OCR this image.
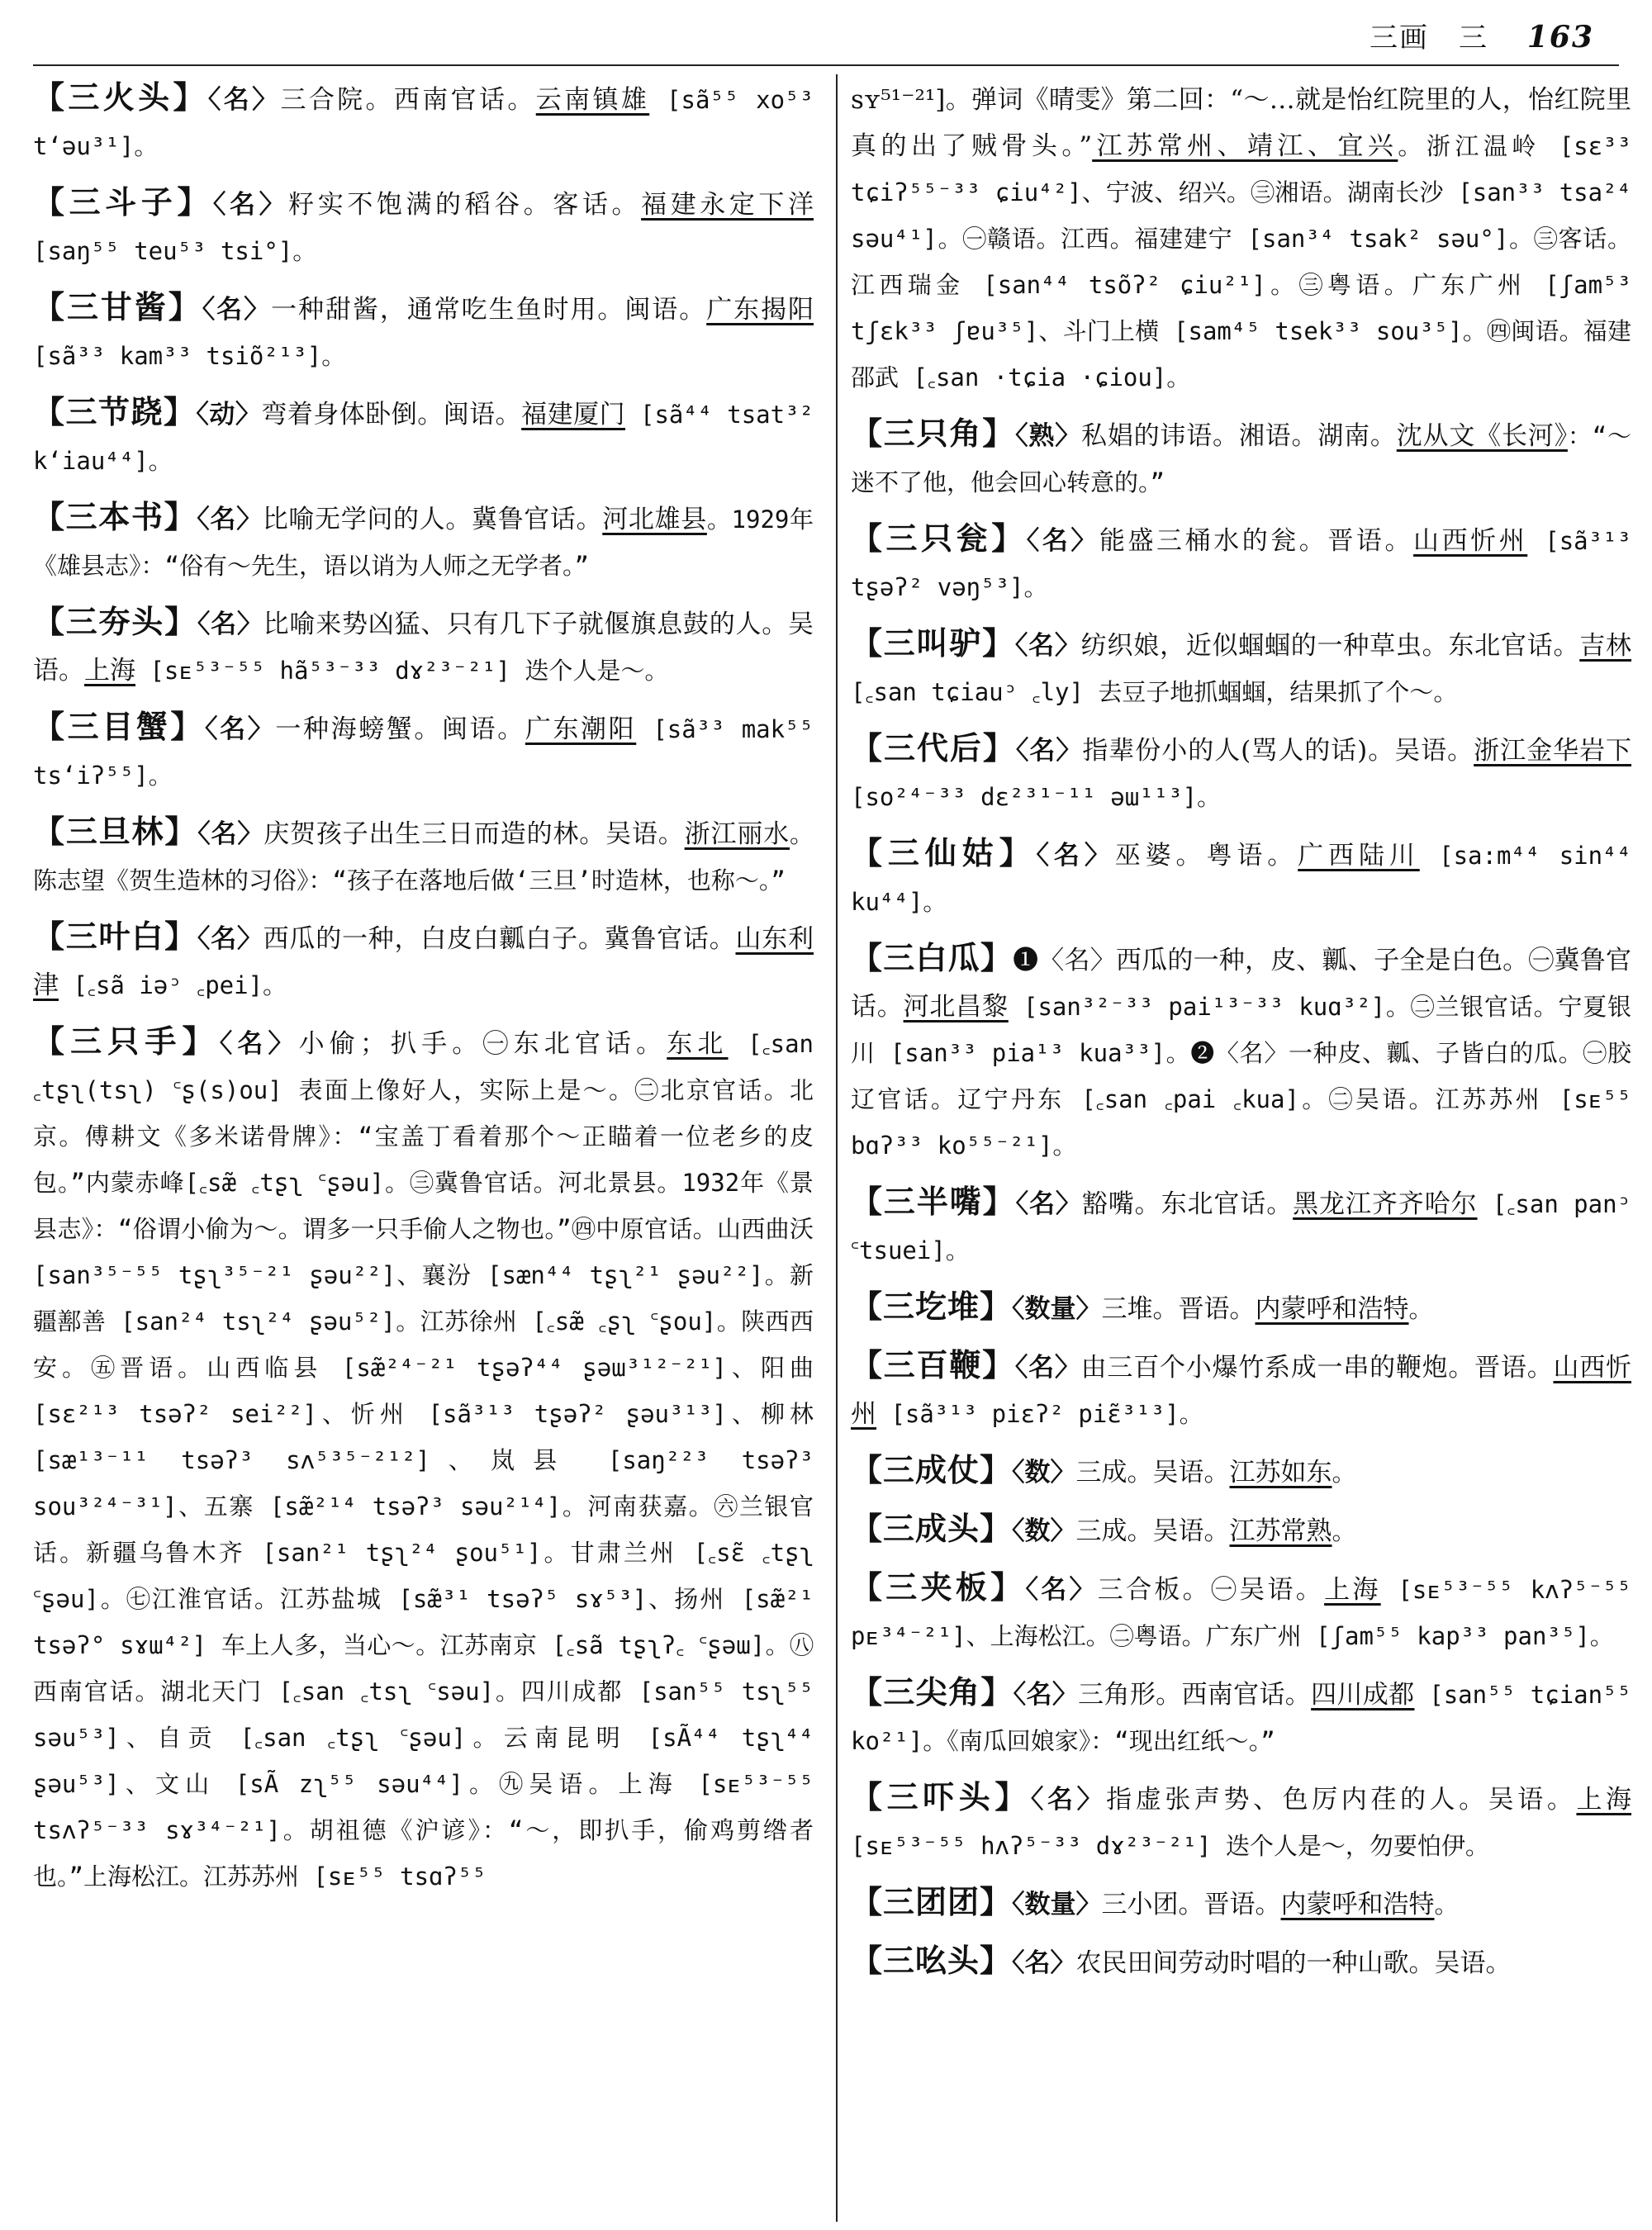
三画　三 163
【三火头】〈名〉三合院。西南官话。云南镇雄 [sã⁵⁵ xo⁵³ tʻəu³¹]。
【三斗子】〈名〉籽实不饱满的稻谷。客话。福建永定下洋 [saŋ⁵⁵ teu⁵³ tsi°]。
【三甘酱】〈名〉一种甜酱，通常吃生鱼时用。闽语。广东揭阳 [sã³³ kam³³ tsiõ²¹³]。
【三节跷】〈动〉弯着身体卧倒。闽语。福建厦门 [sã⁴⁴ tsat³² kʻiau⁴⁴]。
【三本书】〈名〉比喻无学问的人。冀鲁官话。河北雄县。1929年《雄县志》：“俗有～先生，语以诮为人师之无学者。”
【三夯头】〈名〉比喻来势凶猛、只有几下子就偃旗息鼓的人。吴语。上海 [sᴇ⁵³⁻⁵⁵ hã⁵³⁻³³ dɤ²³⁻²¹] 迭个人是～。
【三目蟹】〈名〉一种海螃蟹。闽语。广东潮阳 [sã³³ mak⁵⁵ tsʻiʔ⁵⁵]。
【三旦林】〈名〉庆贺孩子出生三日而造的林。吴语。浙江丽水。陈志望《贺生造林的习俗》：“孩子在落地后做‘三旦’时造林，也称～。”
【三叶白】〈名〉西瓜的一种，白皮白瓤白子。冀鲁官话。山东利津 [꜀sã iəᵓ ꜀pei]。
【三只手】〈名〉小偷；扒手。㊀东北官话。东北 [꜀san ꜀tʂʅ(tsʅ) ꜂ʂ(s)ou] 表面上像好人，实际上是～。㊁北京官话。北京。傅耕文《多米诺骨牌》：“宝盖丁看着那个～正瞄着一位老乡的皮包。”内蒙赤峰[꜀sæ̃ ꜀tʂʅ ꜂ʂəu]。㊂冀鲁官话。河北景县。1932年《景县志》：“俗谓小偷为～。谓多一只手偷人之物也。”㊃中原官话。山西曲沃 [san³⁵⁻⁵⁵ tʂʅ³⁵⁻²¹ ʂəu²²]、襄汾 [sæn⁴⁴ tʂʅ²¹ ʂəu²²]。新疆鄯善 [san²⁴ tsʅ²⁴ ʂəu⁵²]。江苏徐州 [꜀sæ̃ ꜀ʂʅ ꜂ʂou]。陕西西安。㊄晋语。山西临县 [sæ̃²⁴⁻²¹ tʂəʔ⁴⁴ ʂəɯ³¹²⁻²¹]、阳曲 [sɛ²¹³ tsəʔ² sei²²]、忻州 [sã³¹³ tʂəʔ² ʂəu³¹³]、柳林 [sæ¹³⁻¹¹ tsəʔ³ sʌ⁵³⁵⁻²¹²]、岚县 [saŋ²²³ tsəʔ³ sou³²⁴⁻³¹]、五寨 [sæ̃²¹⁴ tsəʔ³ səu²¹⁴]。河南获嘉。㊅兰银官话。新疆乌鲁木齐 [san²¹ tʂʅ²⁴ ʂou⁵¹]。甘肃兰州 [꜀sɛ̃ ꜀tʂʅ ꜂ʂəu]。㊆江淮官话。江苏盐城 [sæ̃³¹ tsəʔ⁵ sɤ⁵³]、扬州 [sæ̃²¹ tsəʔ° sɤɯ⁴²] 车上人多，当心～。江苏南京 [꜀sã tʂʅʔ꜀ ꜂ʂəɯ]。㊇西南官话。湖北天门 [꜀san ꜀tsʅ ꜂səu]。四川成都 [san⁵⁵ tsʅ⁵⁵ səu⁵³]、自贡 [꜀san ꜀tʂʅ ꜂ʂəu]。云南昆明 [sÃ⁴⁴ tʂʅ⁴⁴ ʂəu⁵³]、文山 [sÃ zʅ⁵⁵ səu⁴⁴]。㊈吴语。上海 [sᴇ⁵³⁻⁵⁵ tsʌʔ⁵⁻³³ sɤ³⁴⁻²¹]。胡祖德《沪谚》：“～，即扒手，偷鸡剪绺者也。”上海松江。江苏苏州 [sᴇ⁵⁵ tsɑʔ⁵⁵
sʏ⁵¹⁻²¹]。弹词《晴雯》第二回：“～…就是怡红院里的人，怡红院里真的出了贼骨头。”江苏常州、靖江、宜兴。浙江温岭 [sɛ³³ tɕiʔ⁵⁵⁻³³ ɕiu⁴²]、宁波、绍兴。㊂湘语。湖南长沙 [san³³ tsa²⁴ səu⁴¹]。㊀赣语。江西。福建建宁 [san³⁴ tsak² səu°]。㊂客话。江西瑞金 [san⁴⁴ tsõʔ² ɕiu²¹]。㊂粤语。广东广州 [ʃam⁵³ tʃɛk³³ ʃɐu³⁵]、斗门上横 [sam⁴⁵ tsek³³ sou³⁵]。㊃闽语。福建邵武 [꜀san ·tɕia ·ɕiou]。
【三只角】〈熟〉私娼的讳语。湘语。湖南。沈从文《长河》：“～迷不了他，他会回心转意的。”
【三只瓮】〈名〉能盛三桶水的瓮。晋语。山西忻州 [sã³¹³ tʂəʔ² vəŋ⁵³]。
【三叫驴】〈名〉纺织娘，近似蝈蝈的一种草虫。东北官话。吉林 [꜀san tɕiauᵓ ꜀ly] 去豆子地抓蝈蝈，结果抓了个～。
【三代后】〈名〉指辈份小的人(骂人的话)。吴语。浙江金华岩下 [so²⁴⁻³³ dɛ²³¹⁻¹¹ əɯ¹¹³]。
【三仙姑】〈名〉巫婆。粤语。广西陆川 [sa:m⁴⁴ sin⁴⁴ ku⁴⁴]。
【三白瓜】❶〈名〉西瓜的一种，皮、瓤、子全是白色。㊀冀鲁官话。河北昌黎 [san³²⁻³³ pai¹³⁻³³ kuɑ³²]。㊁兰银官话。宁夏银川 [san³³ pia¹³ kua³³]。❷〈名〉一种皮、瓤、子皆白的瓜。㊀胶辽官话。辽宁丹东 [꜀san ꜀pai ꜀kua]。㊁吴语。江苏苏州 [sᴇ⁵⁵ bɑʔ³³ ko⁵⁵⁻²¹]。
【三半嘴】〈名〉豁嘴。东北官话。黑龙江齐齐哈尔 [꜀san panᵓ ꜂tsuei]。
【三圪堆】〈数量〉三堆。晋语。内蒙呼和浩特。
【三百鞭】〈名〉由三百个小爆竹系成一串的鞭炮。晋语。山西忻州 [sã³¹³ piɛʔ² piɛ̃³¹³]。
【三成仗】〈数〉三成。吴语。江苏如东。
【三成头】〈数〉三成。吴语。江苏常熟。
【三夹板】〈名〉三合板。㊀吴语。上海 [sᴇ⁵³⁻⁵⁵ kʌʔ⁵⁻⁵⁵ pᴇ³⁴⁻²¹]、上海松江。㊁粤语。广东广州 [ʃam⁵⁵ kap³³ pan³⁵]。
【三尖角】〈名〉三角形。西南官话。四川成都 [san⁵⁵ tɕian⁵⁵ ko²¹]。《南瓜回娘家》：“现出红纸～。”
【三吓头】〈名〉指虚张声势、色厉内荏的人。吴语。上海 [sᴇ⁵³⁻⁵⁵ hʌʔ⁵⁻³³ dɤ²³⁻²¹] 迭个人是～，勿要怕伊。
【三团团】〈数量〉三小团。晋语。内蒙呼和浩特。
【三吆头】〈名〉农民田间劳动时唱的一种山歌。吴语。
